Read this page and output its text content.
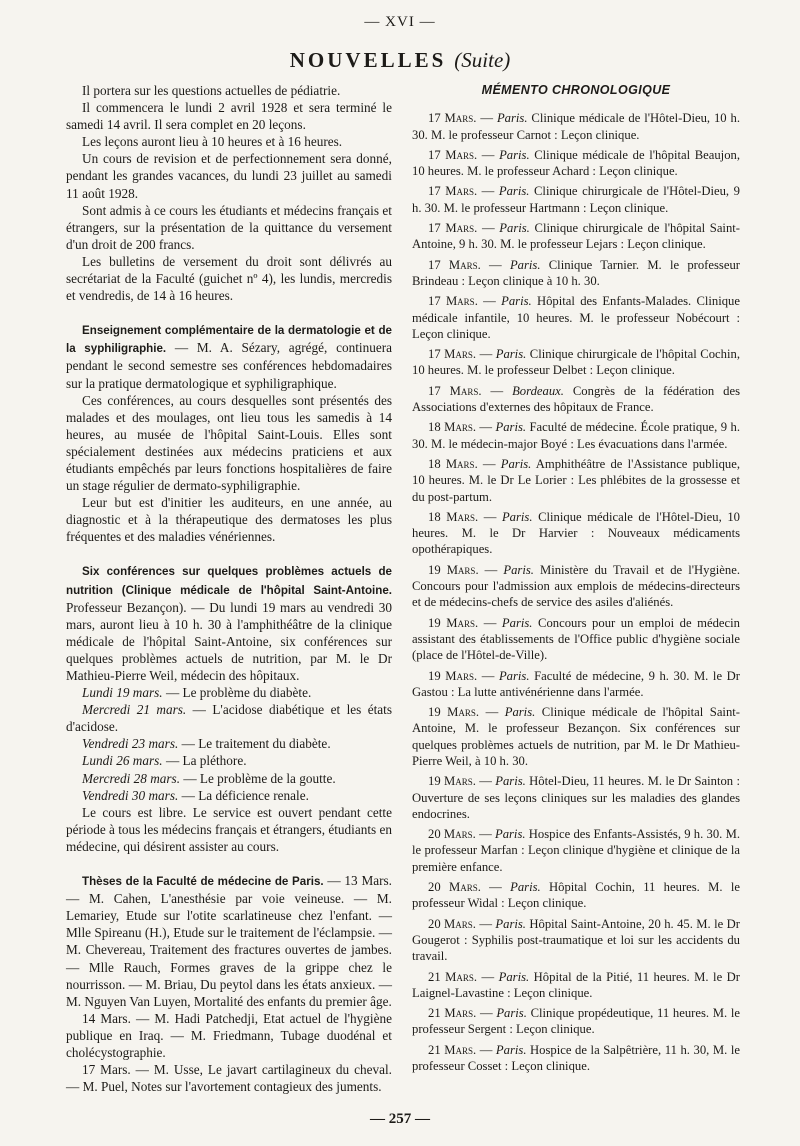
— XVI —
NOUVELLES (Suite)

Il portera sur les questions actuelles de pédiatrie.

Il commencera le lundi 2 avril 1928 et sera terminé le samedi 14 avril. Il sera complet en 20 leçons.

Les leçons auront lieu à 10 heures et à 16 heures.

Un cours de revision et de perfectionnement sera donné, pendant les grandes vacances, du lundi 23 juillet au samedi 11 août 1928.

Sont admis à ce cours les étudiants et médecins français et étrangers, sur la présentation de la quittance du versement d'un droit de 200 francs.

Les bulletins de versement du droit sont délivrés au secrétariat de la Faculté (guichet nº 4), les lundis, mercredis et vendredis, de 14 à 16 heures.

Enseignement complémentaire de la dermatologie et de la syphiligraphie. — M. A. Sézary, agrégé, continuera pendant le second semestre ses conférences hebdomadaires sur la pratique dermatologique et syphiligraphique.

Ces conférences, au cours desquelles sont présentés des malades et des moulages, ont lieu tous les samedis à 14 heures, au musée de l'hôpital Saint-Louis. Elles sont spécialement destinées aux médecins praticiens et aux étudiants empêchés par leurs fonctions hospitalières de faire un stage régulier de dermato-syphiligraphie.

Leur but est d'initier les auditeurs, en une année, au diagnostic et à la thérapeutique des dermatoses les plus fréquentes et des maladies vénériennes.

Six conférences sur quelques problèmes actuels de nutrition (Clinique médicale de l'hôpital Saint-Antoine. Professeur Bezançon). — Du lundi 19 mars au vendredi 30 mars, auront lieu à 10 h. 30 à l'amphithéâtre de la clinique médicale de l'hôpital Saint-Antoine, six conférences sur quelques problèmes actuels de nutrition, par M. le Dr Mathieu-Pierre Weil, médecin des hôpitaux.

Lundi 19 mars. — Le problème du diabète.

Mercredi 21 mars. — L'acidose diabétique et les états d'acidose.

Vendredi 23 mars. — Le traitement du diabète.

Lundi 26 mars. — La pléthore.

Mercredi 28 mars. — Le problème de la goutte.

Vendredi 30 mars. — La déficience renale.

Le cours est libre. Le service est ouvert pendant cette période à tous les médecins français et étrangers, étudiants en médecine, qui désirent assister au cours.

Thèses de la Faculté de médecine de Paris. — 13 Mars. — M. Cahen, L'anesthésie par voie veineuse. — M. Lemariey, Etude sur l'otite scarlatineuse chez l'enfant. — Mlle Spireanu (H.), Etude sur le traitement de l'éclampsie. — M. Chevereau, Traitement des fractures ouvertes de jambes. — Mlle Rauch, Formes graves de la grippe chez le nourrisson. — M. Briau, Du peytol dans les états anxieux. — M. Nguyen Van Luyen, Mortalité des enfants du premier âge.

14 Mars. — M. Hadi Patchedji, Etat actuel de l'hygiène publique en Iraq. — M. Friedmann, Tubage duodénal et cholécystographie.

17 Mars. — M. Usse, Le javart cartilagineux du cheval. — M. Puel, Notes sur l'avortement contagieux des juments.

MÉMENTO CHRONOLOGIQUE

17 Mars. — Paris. Clinique médicale de l'Hôtel-Dieu, 10 h. 30. M. le professeur Carnot : Leçon clinique.

17 Mars. — Paris. Clinique médicale de l'hôpital Beaujon, 10 heures. M. le professeur Achard : Leçon clinique.

17 Mars. — Paris. Clinique chirurgicale de l'Hôtel-Dieu, 9 h. 30. M. le professeur Hartmann : Leçon clinique.

17 Mars. — Paris. Clinique chirurgicale de l'hôpital Saint-Antoine, 9 h. 30. M. le professeur Lejars : Leçon clinique.

17 Mars. — Paris. Clinique Tarnier. M. le professeur Brindeau : Leçon clinique à 10 h. 30.

17 Mars. — Paris. Hôpital des Enfants-Malades. Clinique médicale infantile, 10 heures. M. le professeur Nobécourt : Leçon clinique.

17 Mars. — Paris. Clinique chirurgicale de l'hôpital Cochin, 10 heures. M. le professeur Delbet : Leçon clinique.

17 Mars. — Bordeaux. Congrès de la fédération des Associations d'externes des hôpitaux de France.

18 Mars. — Paris. Faculté de médecine. École pratique, 9 h. 30. M. le médecin-major Boyé : Les évacuations dans l'armée.

18 Mars. — Paris. Amphithéâtre de l'Assistance publique, 10 heures. M. le Dr Le Lorier : Les phlébites de la grossesse et du post-partum.

18 Mars. — Paris. Clinique médicale de l'Hôtel-Dieu, 10 heures. M. le Dr Harvier : Nouveaux médicaments opothérapiques.

19 Mars. — Paris. Ministère du Travail et de l'Hygiène. Concours pour l'admission aux emplois de médecins-directeurs et de médecins-chefs de service des asiles d'aliénés.

19 Mars. — Paris. Concours pour un emploi de médecin assistant des établissements de l'Office public d'hygiène sociale (place de l'Hôtel-de-Ville).

19 Mars. — Paris. Faculté de médecine, 9 h. 30. M. le Dr Gastou : La lutte antivénérienne dans l'armée.

19 Mars. — Paris. Clinique médicale de l'hôpital Saint-Antoine, M. le professeur Bezançon. Six conférences sur quelques problèmes actuels de nutrition, par M. le Dr Mathieu-Pierre Weil, à 10 h. 30.

19 Mars. — Paris. Hôtel-Dieu, 11 heures. M. le Dr Sainton : Ouverture de ses leçons cliniques sur les maladies des glandes endocrines.

20 Mars. — Paris. Hospice des Enfants-Assistés, 9 h. 30. M. le professeur Marfan : Leçon clinique d'hygiène et clinique de la première enfance.

20 Mars. — Paris. Hôpital Cochin, 11 heures. M. le professeur Widal : Leçon clinique.

20 Mars. — Paris. Hôpital Saint-Antoine, 20 h. 45. M. le Dr Gougerot : Syphilis post-traumatique et loi sur les accidents du travail.

21 Mars. — Paris. Hôpital de la Pitié, 11 heures. M. le Dr Laignel-Lavastine : Leçon clinique.

21 Mars. — Paris. Clinique propédeutique, 11 heures. M. le professeur Sergent : Leçon clinique.

21 Mars. — Paris. Hospice de la Salpêtrière, 11 h. 30, M. le professeur Cosset : Leçon clinique.

— 257 —
